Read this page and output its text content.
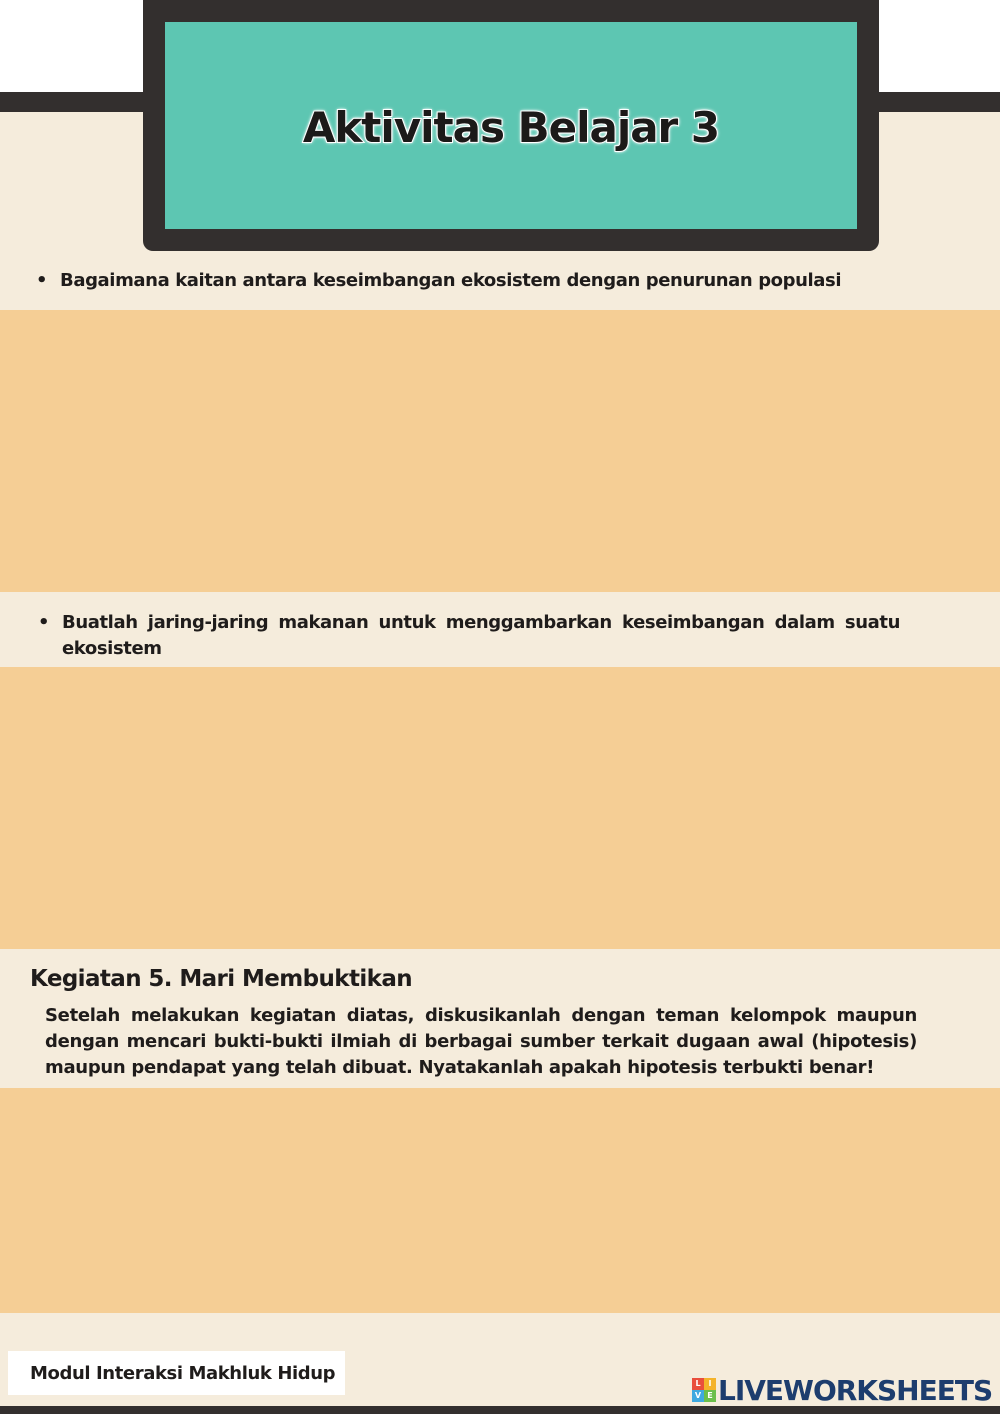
Aktivitas Belajar 3
• Bagaimana kaitan antara keseimbangan ekosistem dengan penurunan populasi
• Buatlah jaring-jaring makanan untuk menggambarkan keseimbangan dalam suatu ekosistem
Kegiatan 5. Mari Membuktikan
Setelah melakukan kegiatan diatas, diskusikanlah dengan teman kelompok maupun dengan mencari bukti-bukti ilmiah di berbagai sumber terkait dugaan awal (hipotesis) maupun pendapat yang telah dibuat. Nyatakanlah apakah hipotesis terbukti benar!
Modul Interaksi Makhluk Hidup	L I
V E LIVEWORKSHEETS
